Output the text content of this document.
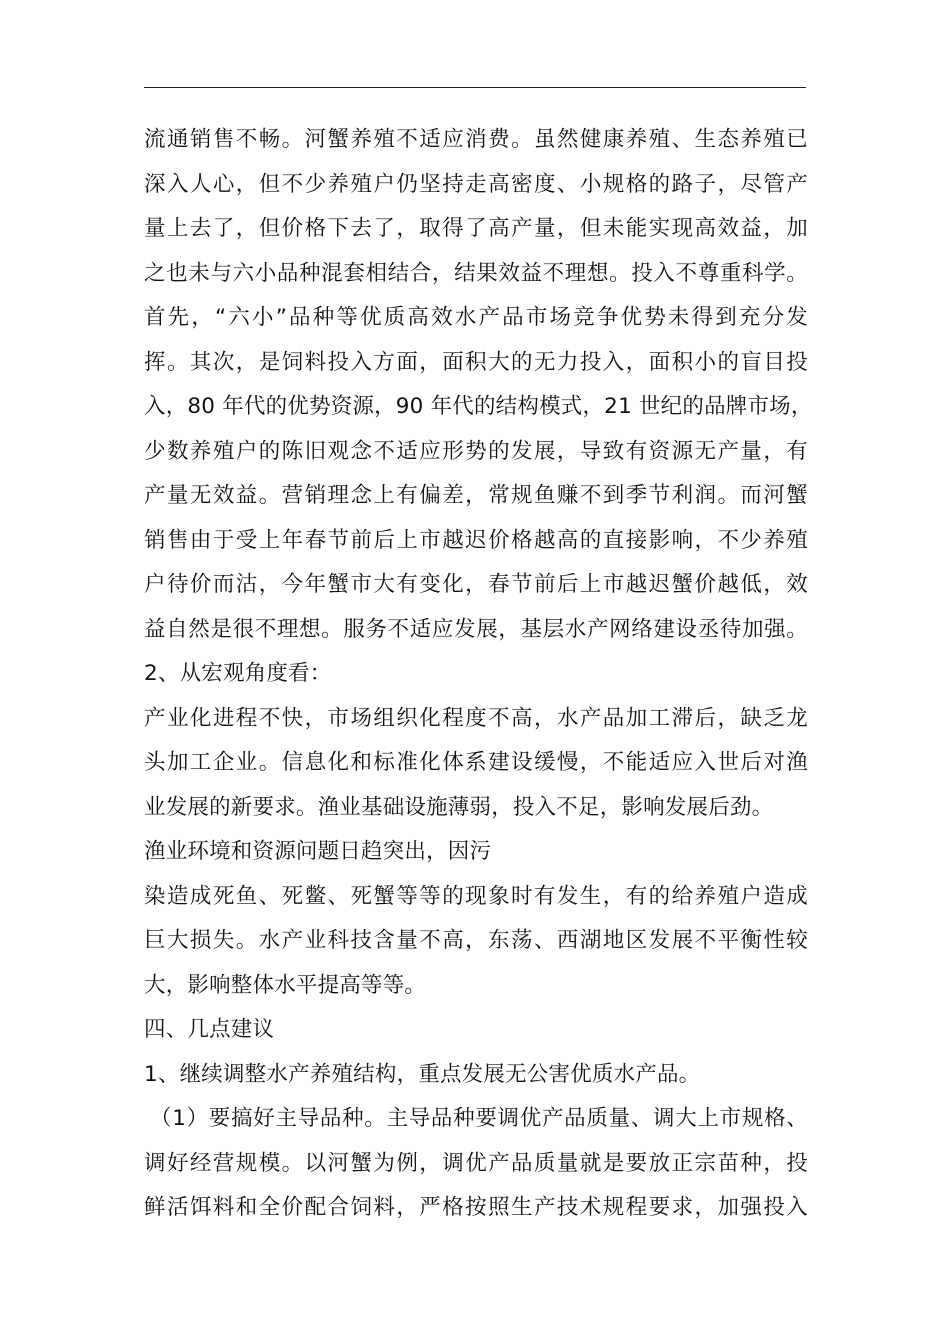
流通销售不畅。河蟹养殖不适应消费。虽然健康养殖、生态养殖已
深入人心，但不少养殖户仍坚持走高密度、小规格的路子，尽管产
量上去了，但价格下去了，取得了高产量，但未能实现高效益，加
之也未与六小品种混套相结合，结果效益不理想。投入不尊重科学。
首先，“六小”品种等优质高效水产品市场竞争优势未得到充分发
挥。其次，是饲料投入方面，面积大的无力投入，面积小的盲目投
入，80 年代的优势资源，90 年代的结构模式，21 世纪的品牌市场，
少数养殖户的陈旧观念不适应形势的发展，导致有资源无产量，有
产量无效益。营销理念上有偏差，常规鱼赚不到季节利润。而河蟹
销售由于受上年春节前后上市越迟价格越高的直接影响，不少养殖
户待价而沽，今年蟹市大有变化，春节前后上市越迟蟹价越低，效
益自然是很不理想。服务不适应发展，基层水产网络建设丞待加强。
2、从宏观角度看：
产业化进程不快，市场组织化程度不高，水产品加工滞后，缺乏龙
头加工企业。信息化和标准化体系建设缓慢，不能适应入世后对渔
业发展的新要求。渔业基础设施薄弱，投入不足，影响发展后劲。
渔业环境和资源问题日趋突出，因污
染造成死鱼、死鳖、死蟹等等的现象时有发生，有的给养殖户造成
巨大损失。水产业科技含量不高，东荡、西湖地区发展不平衡性较
大，影响整体水平提高等等。
四、几点建议
1、继续调整水产养殖结构，重点发展无公害优质水产品。
（1）要搞好主导品种。主导品种要调优产品质量、调大上市规格、
调好经营规模。以河蟹为例，调优产品质量就是要放正宗苗种，投
鲜活饵料和全价配合饲料，严格按照生产技术规程要求，加强投入
